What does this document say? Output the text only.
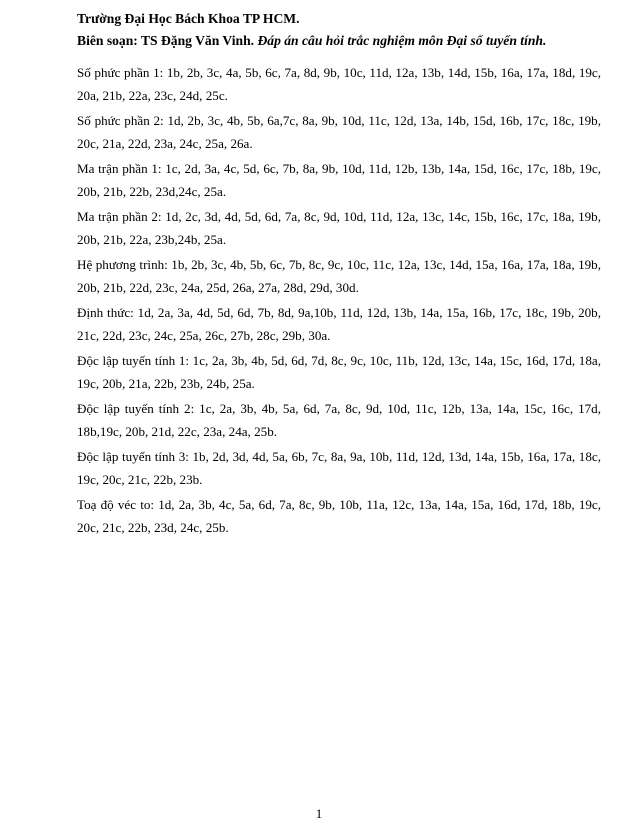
Trường Đại Học Bách Khoa TP HCM.
Biên soạn: TS Đặng Văn Vinh. Đáp án câu hỏi trắc nghiệm môn Đại số tuyến tính.

Số phức phần 1: 1b, 2b, 3c, 4a, 5b, 6c, 7a, 8d, 9b, 10c, 11d, 12a, 13b, 14d, 15b, 16a, 17a, 18d, 19c, 20a, 21b, 22a, 23c, 24d, 25c.

Số phức phần 2: 1d, 2b, 3c, 4b, 5b, 6a,7c, 8a, 9b, 10d, 11c, 12d, 13a, 14b, 15d, 16b, 17c, 18c, 19b, 20c, 21a, 22d, 23a, 24c, 25a, 26a.

Ma trận phần 1: 1c, 2d, 3a, 4c, 5d, 6c, 7b, 8a, 9b, 10d, 11d, 12b, 13b, 14a, 15d, 16c, 17c, 18b, 19c, 20b, 21b, 22b, 23d,24c, 25a.

Ma trận phần 2: 1d, 2c, 3d, 4d, 5d, 6d, 7a, 8c, 9d, 10d, 11d, 12a, 13c, 14c, 15b, 16c, 17c, 18a, 19b, 20b, 21b, 22a, 23b,24b, 25a.

Hệ phương trình: 1b, 2b, 3c, 4b, 5b, 6c, 7b, 8c, 9c, 10c, 11c, 12a, 13c, 14d, 15a, 16a, 17a, 18a, 19b, 20b, 21b, 22d, 23c, 24a, 25d, 26a, 27a, 28d, 29d, 30d.

Định thức: 1d, 2a, 3a, 4d, 5d, 6d, 7b, 8d, 9a,10b, 11d, 12d, 13b, 14a, 15a, 16b, 17c, 18c, 19b, 20b, 21c, 22d, 23c, 24c, 25a, 26c, 27b, 28c, 29b, 30a.

Độc lập tuyến tính 1: 1c, 2a, 3b, 4b, 5d, 6d, 7d, 8c, 9c, 10c, 11b, 12d, 13c, 14a, 15c, 16d, 17d, 18a, 19c, 20b, 21a, 22b, 23b, 24b, 25a.

Độc lập tuyến tính 2: 1c, 2a, 3b, 4b, 5a, 6d, 7a, 8c, 9d, 10d, 11c, 12b, 13a, 14a, 15c, 16c, 17d, 18b,19c, 20b, 21d, 22c, 23a, 24a, 25b.

Độc lập tuyến tính 3: 1b, 2d, 3d, 4d, 5a, 6b, 7c, 8a, 9a, 10b, 11d, 12d, 13d, 14a, 15b, 16a, 17a, 18c, 19c, 20c, 21c, 22b, 23b.

Toạ độ véc to: 1d, 2a, 3b, 4c, 5a, 6d, 7a, 8c, 9b, 10b, 11a, 12c, 13a, 14a, 15a, 16d, 17d, 18b, 19c, 20c, 21c, 22b, 23d, 24c, 25b.

1
